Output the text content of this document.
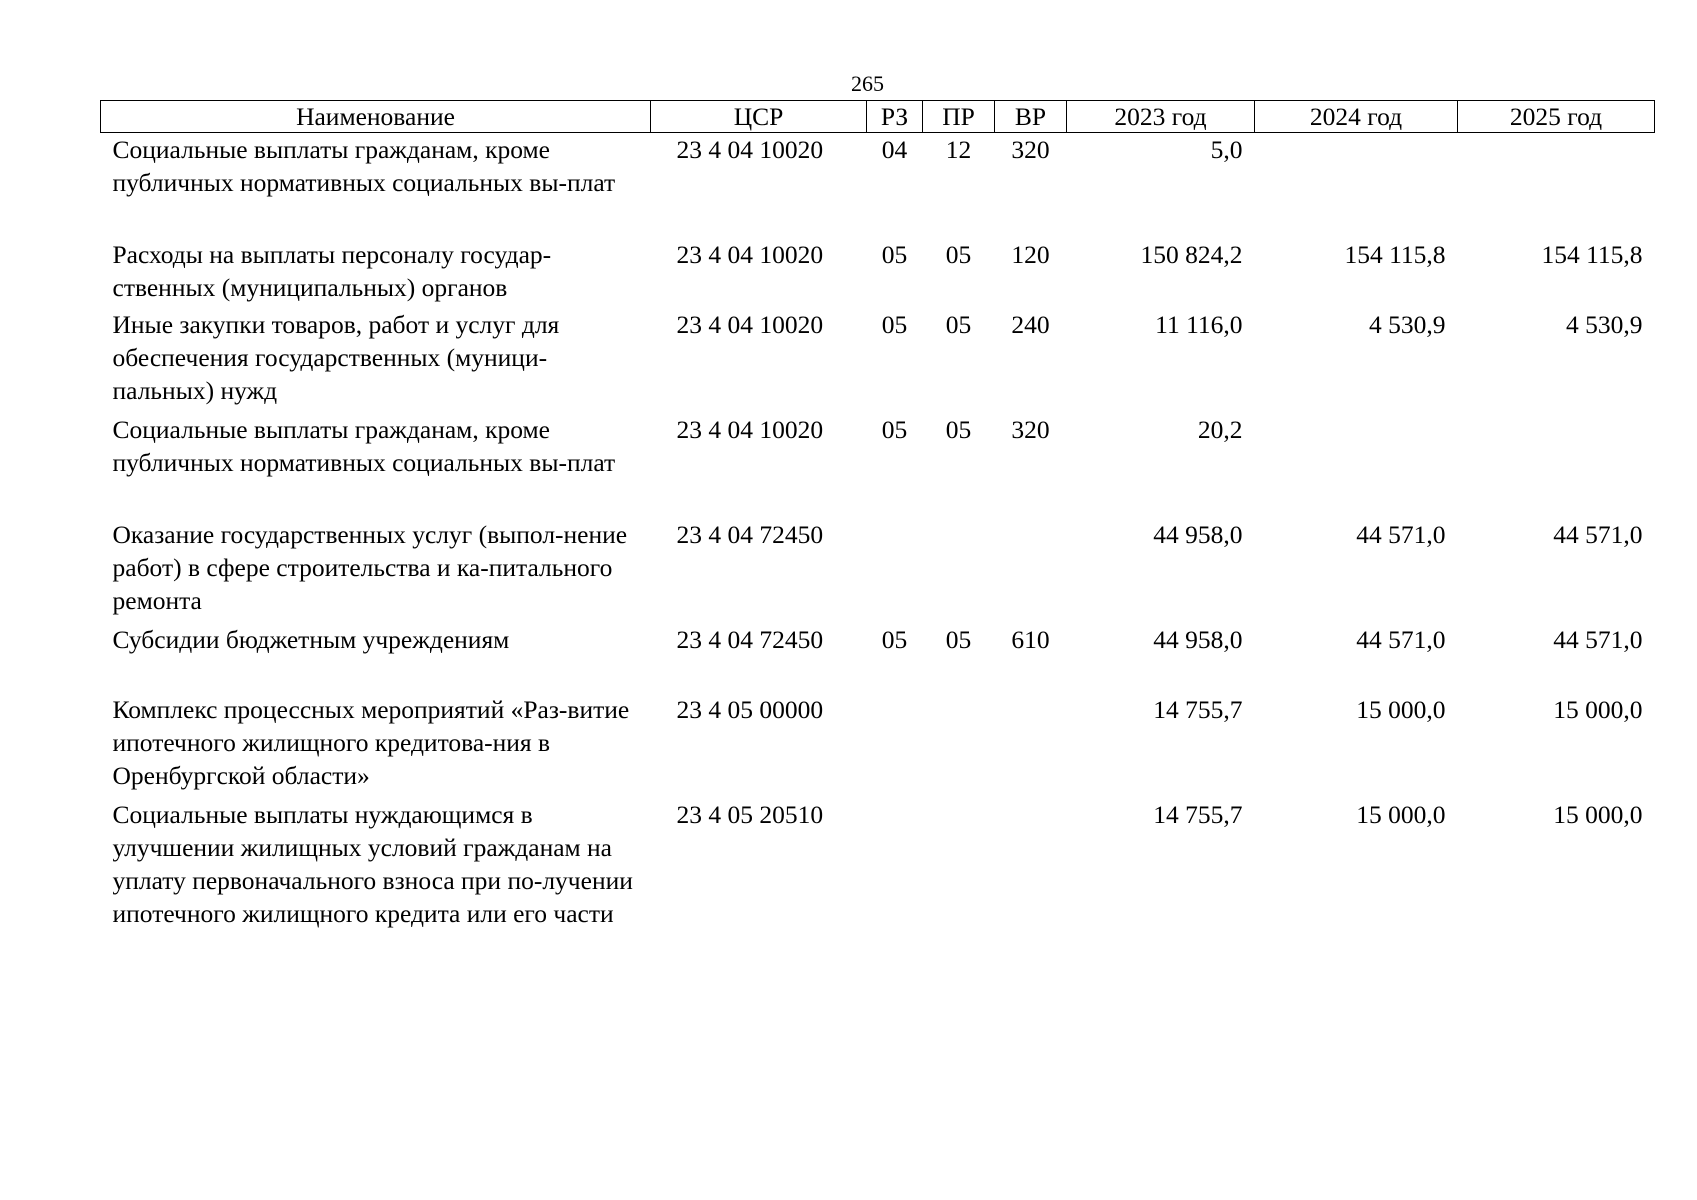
265
Наименование	ЦСР	РЗ	ПР	ВР	2023 год	2024 год	2025 год
Социальные выплаты гражданам, кроме публичных нормативных социальных вы-плат	23 4 04 10020	04	12	320	5,0		
Расходы на выплаты персоналу государ-ственных (муниципальных) органов	23 4 04 10020	05	05	120	150 824,2	154 115,8	154 115,8
Иные закупки товаров, работ и услуг для обеспечения государственных (муници-пальных) нужд	23 4 04 10020	05	05	240	11 116,0	4 530,9	4 530,9
Социальные выплаты гражданам, кроме публичных нормативных социальных вы-плат	23 4 04 10020	05	05	320	20,2		
Оказание государственных услуг (выпол-нение работ) в сфере строительства и ка-питального ремонта	23 4 04 72450				44 958,0	44 571,0	44 571,0
Субсидии бюджетным учреждениям	23 4 04 72450	05	05	610	44 958,0	44 571,0	44 571,0
Комплекс процессных мероприятий «Раз-витие ипотечного жилищного кредитова-ния в Оренбургской области»	23 4 05 00000				14 755,7	15 000,0	15 000,0
Социальные выплаты нуждающимся в улучшении жилищных условий гражданам на уплату первоначального взноса при по-лучении ипотечного жилищного кредита или его части	23 4 05 20510				14 755,7	15 000,0	15 000,0
